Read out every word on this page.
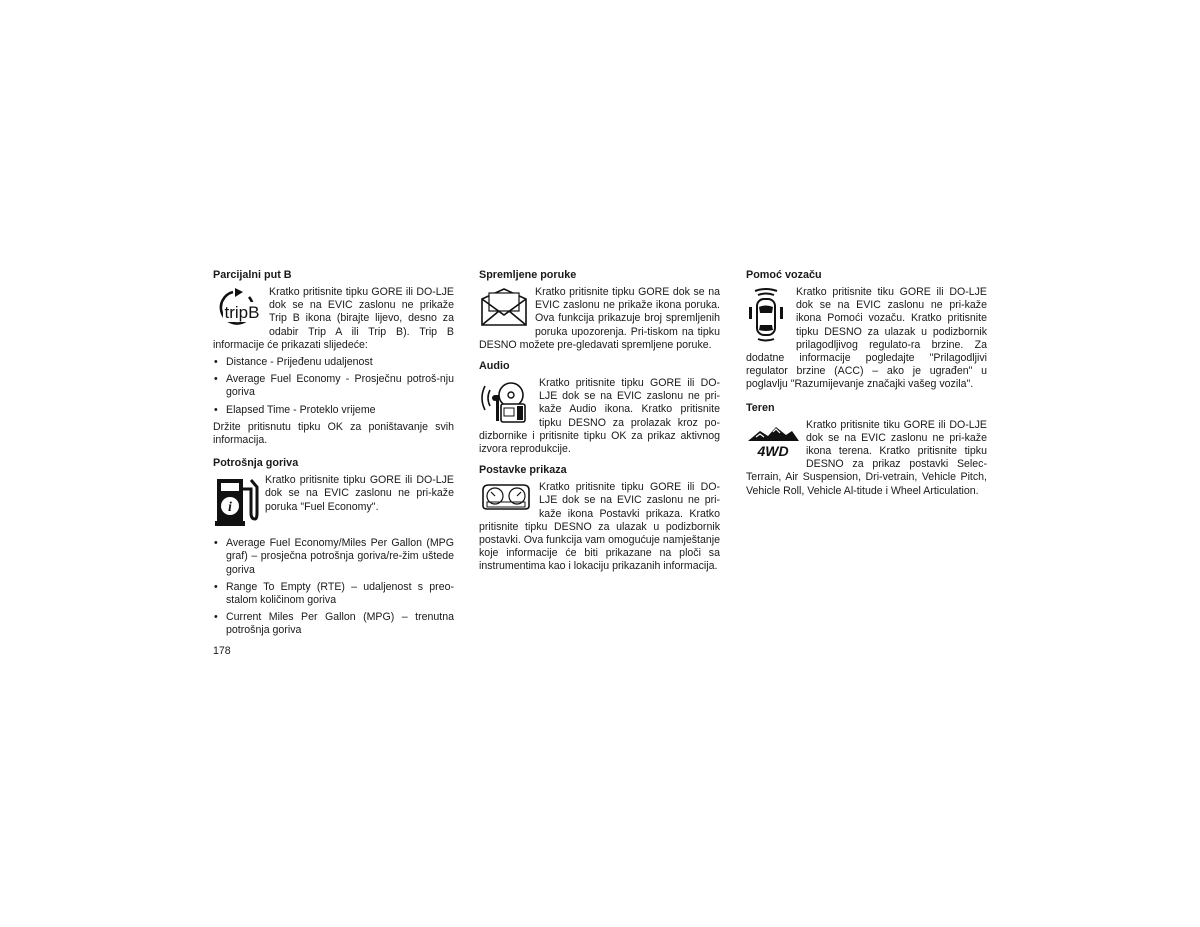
Parcijalni put B
tripB

Kratko pritisnite tipku GORE ili DO-LJE dok se na EVIC zaslonu ne prikaže Trip B ikona (birajte lijevo, desno za odabir Trip A ili Trip B). Trip B informacije će prikazati slijedeće:

• Distance - Prijeđenu udaljenost
• Average Fuel Economy - Prosječnu potroš-nju goriva
• Elapsed Time - Proteklo vrijeme

Držite pritisnutu tipku OK za poništavanje svih informacija.

Potrošnja goriva
i

Kratko pritisnite tipku GORE ili DO-LJE dok se na EVIC zaslonu ne pri-kaže poruka "Fuel Economy".

• Average Fuel Economy/Miles Per Gallon (MPG graf) – prosječna potrošnja goriva/re-žim uštede goriva
• Range To Empty (RTE) – udaljenost s preo-stalom količinom goriva
• Current Miles Per Gallon (MPG) – trenutna potrošnja goriva
Spremljene poruke

Kratko pritisnite tipku GORE dok se na EVIC zaslonu ne prikaže ikona poruka. Ova funkcija prikazuje broj spremljenih poruka upozorenja. Pri-tiskom na tipku DESNO možete pre-gledavati spremljene poruke.

Audio

Kratko pritisnite tipku GORE ili DO-LJE dok se na EVIC zaslonu ne pri-kaže Audio ikona. Kratko pritisnite tipku DESNO za prolazak kroz po-dizbornike i pritisnite tipku OK za prikaz aktivnog izvora reprodukcije.

Postavke prikaza

Kratko pritisnite tipku GORE ili DO-LJE dok se na EVIC zaslonu ne pri-kaže ikona Postavki prikaza. Kratko pritisnite tipku DESNO za ulazak u podizbornik postavki. Ova funkcija vam omogućuje namještanje koje informacije će biti prikazane na ploči sa instrumentima kao i lokaciju prikazanih informacija.

Pomoć vozaču

Kratko pritisnite tiku GORE ili DO-LJE dok se na EVIC zaslonu ne pri-kaže ikona Pomoći vozaču. Kratko pritisnite tipku DESNO za ulazak u podizbornik prilagodljivog regulato-ra brzine. Za dodatne informacije pogledajte "Prilagodljivi regulator brzine (ACC) – ako je ugrađen" u poglavlju "Razumijevanje značajki vašeg vozila".

Teren
4WD

Kratko pritisnite tiku GORE ili DO-LJE dok se na EVIC zaslonu ne pri-kaže ikona terena. Kratko pritisnite tipku DESNO za prikaz postavki Selec-Terrain, Air Suspension, Dri-vetrain, Vehicle Pitch, Vehicle Roll, Vehicle Al-titude i Wheel Articulation.

178
